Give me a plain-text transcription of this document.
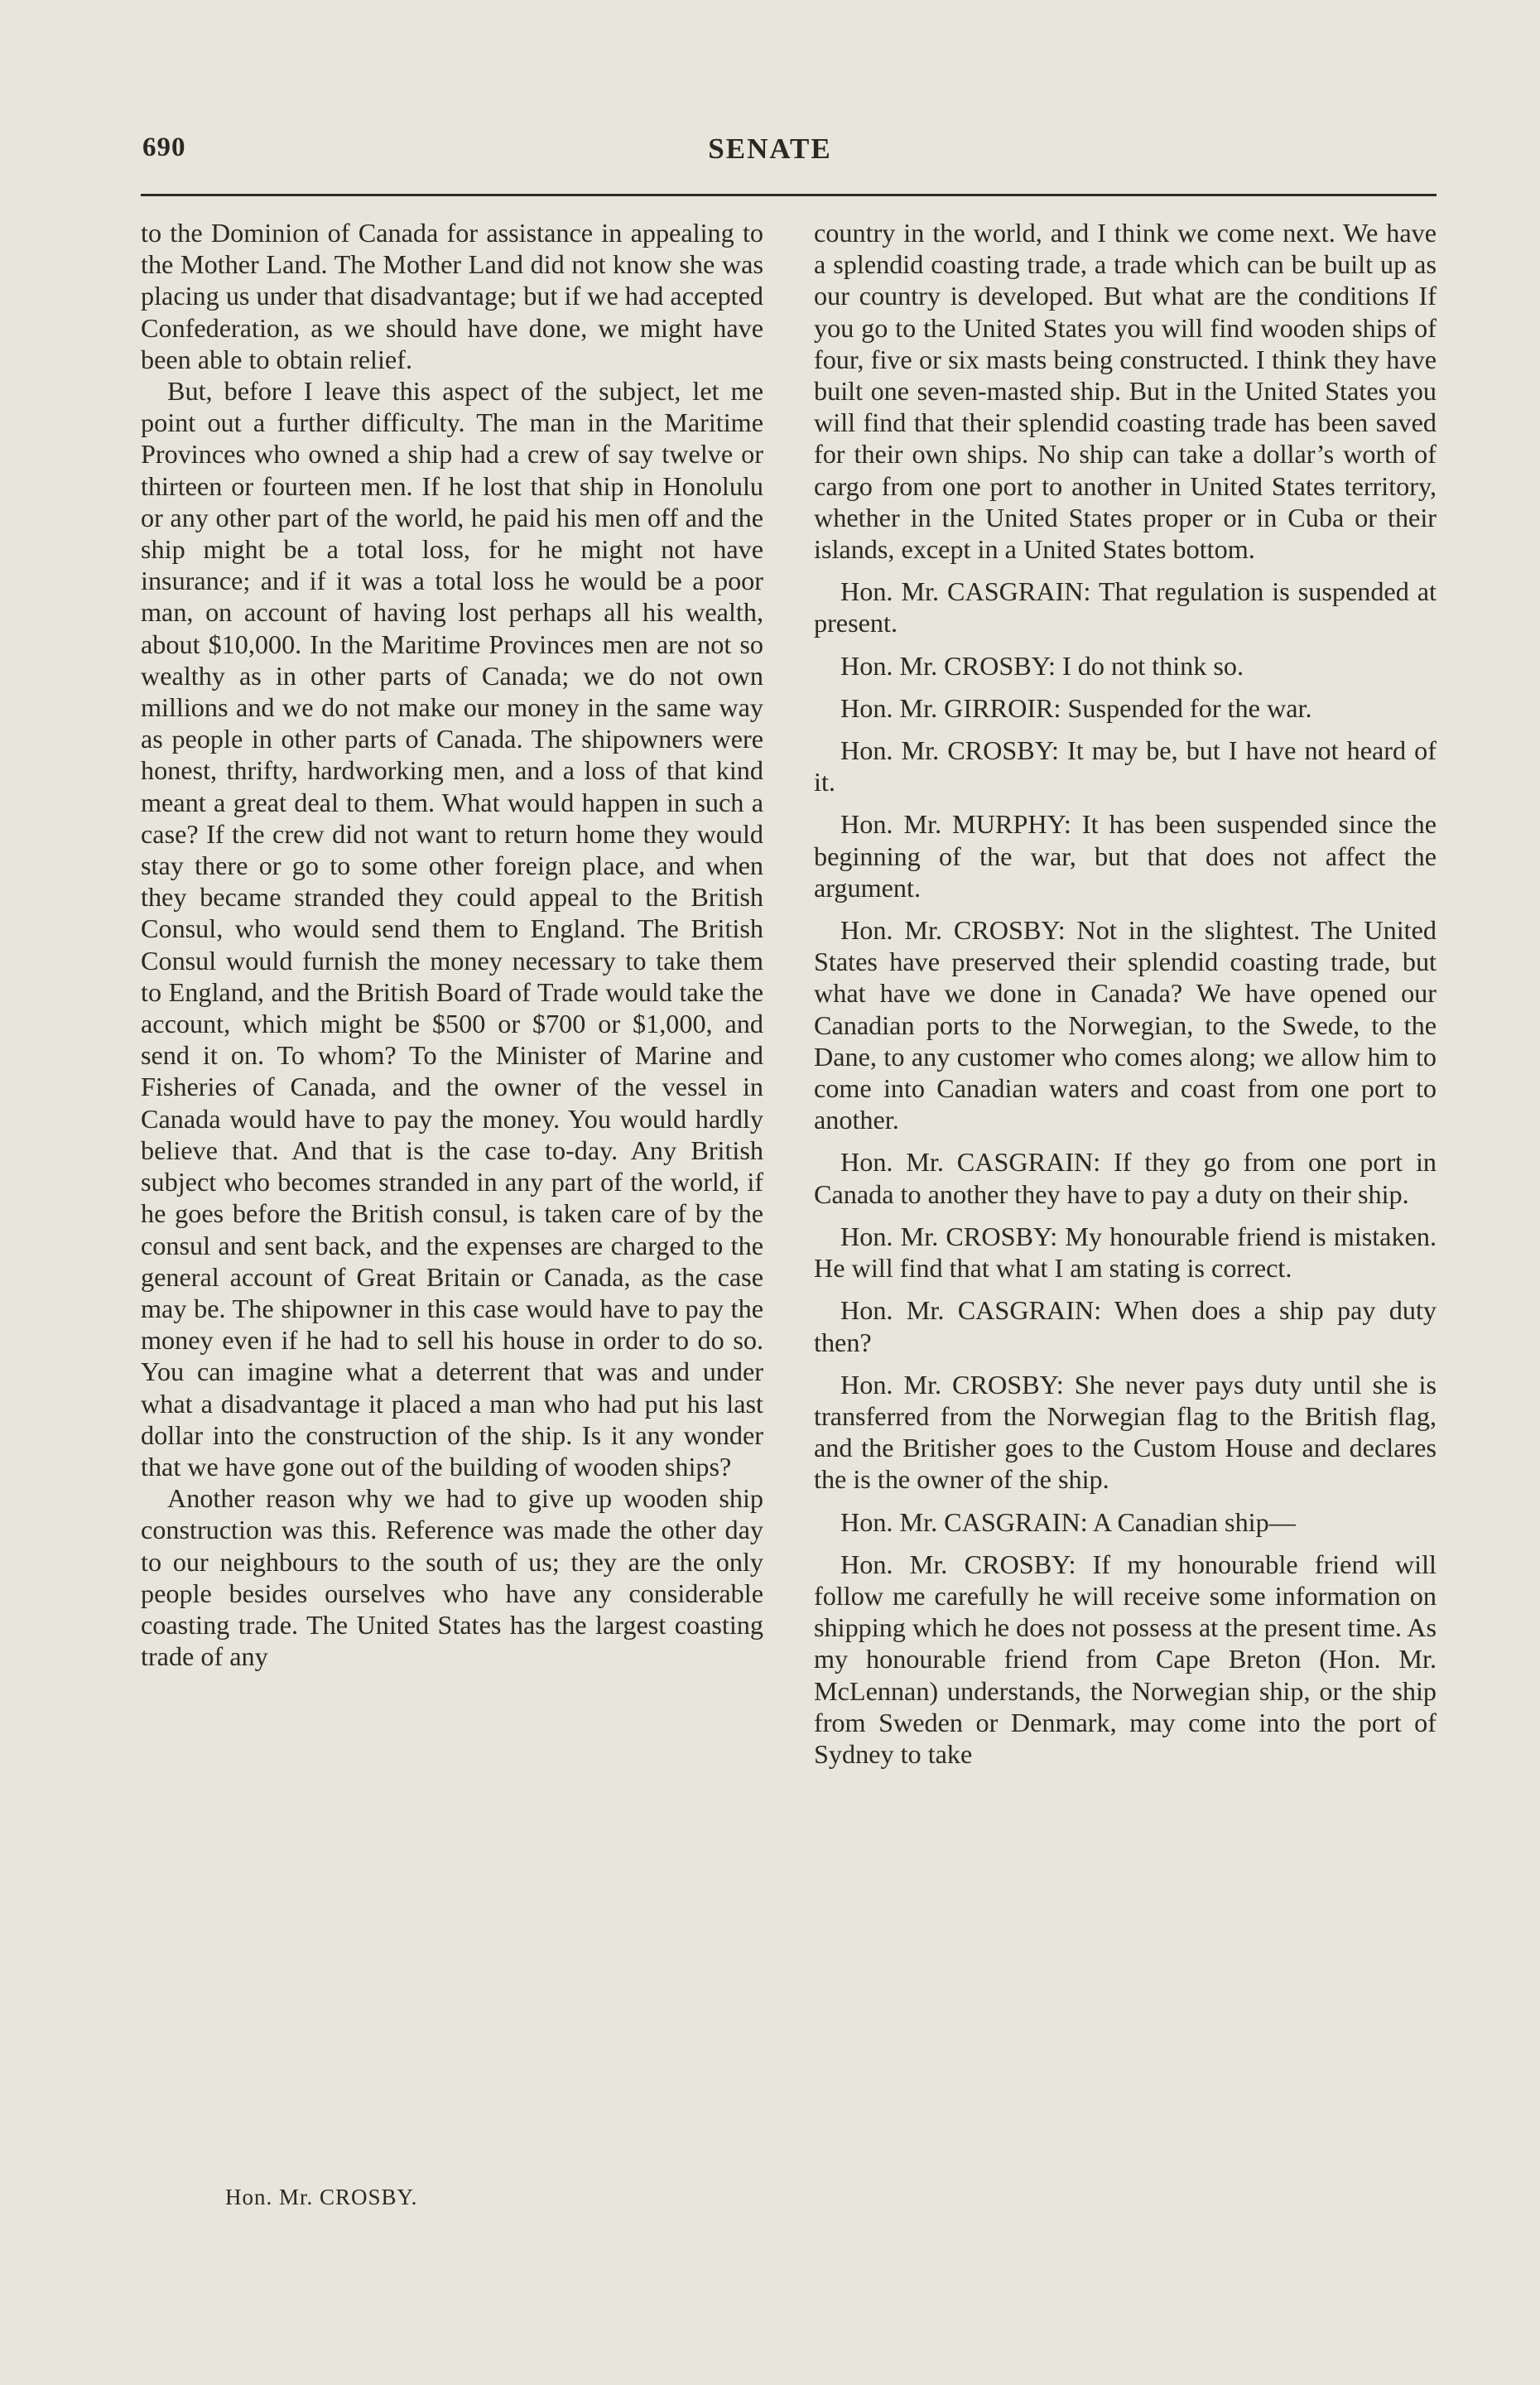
690	SENATE

to the Dominion of Canada for assistance in appealing to the Mother Land. The Mother Land did not know she was placing us under that disadvantage; but if we had accepted Confederation, as we should have done, we might have been able to obtain relief.

But, before I leave this aspect of the subject, let me point out a further difficulty. The man in the Maritime Provinces who owned a ship had a crew of say twelve or thirteen or fourteen men. If he lost that ship in Honolulu or any other part of the world, he paid his men off and the ship might be a total loss, for he might not have insurance; and if it was a total loss he would be a poor man, on account of having lost perhaps all his wealth, about $10,000. In the Maritime Provinces men are not so wealthy as in other parts of Canada; we do not own millions and we do not make our money in the same way as people in other parts of Canada. The shipowners were honest, thrifty, hardworking men, and a loss of that kind meant a great deal to them. What would happen in such a case? If the crew did not want to return home they would stay there or go to some other foreign place, and when they became stranded they could appeal to the British Consul, who would send them to England. The British Consul would furnish the money necessary to take them to England, and the British Board of Trade would take the account, which might be $500 or $700 or $1,000, and send it on. To whom? To the Minister of Marine and Fisheries of Canada, and the owner of the vessel in Canada would have to pay the money. You would hardly believe that. And that is the case to-day. Any British subject who becomes stranded in any part of the world, if he goes before the British consul, is taken care of by the consul and sent back, and the expenses are charged to the general account of Great Britain or Canada, as the case may be. The shipowner in this case would have to pay the money even if he had to sell his house in order to do so. You can imagine what a deterrent that was and under what a disadvantage it placed a man who had put his last dollar into the construction of the ship. Is it any wonder that we have gone out of the building of wooden ships?

Another reason why we had to give up wooden ship construction was this. Reference was made the other day to our neighbours to the south of us; they are the only people besides ourselves who have any considerable coasting trade. The United States has the largest coasting trade of any

country in the world, and I think we come next. We have a splendid coasting trade, a trade which can be built up as our country is developed. But what are the conditions If you go to the United States you will find wooden ships of four, five or six masts being constructed. I think they have built one seven-masted ship. But in the United States you will find that their splendid coasting trade has been saved for their own ships. No ship can take a dollar’s worth of cargo from one port to another in United States territory, whether in the United States proper or in Cuba or their islands, except in a United States bottom.

Hon. Mr. CASGRAIN: That regulation is suspended at present.

Hon. Mr. CROSBY: I do not think so.

Hon. Mr. GIRROIR: Suspended for the war.

Hon. Mr. CROSBY: It may be, but I have not heard of it.

Hon. Mr. MURPHY: It has been suspended since the beginning of the war, but that does not affect the argument.

Hon. Mr. CROSBY: Not in the slightest. The United States have preserved their splendid coasting trade, but what have we done in Canada? We have opened our Canadian ports to the Norwegian, to the Swede, to the Dane, to any customer who comes along; we allow him to come into Canadian waters and coast from one port to another.

Hon. Mr. CASGRAIN: If they go from one port in Canada to another they have to pay a duty on their ship.

Hon. Mr. CROSBY: My honourable friend is mistaken. He will find that what I am stating is correct.

Hon. Mr. CASGRAIN: When does a ship pay duty then?

Hon. Mr. CROSBY: She never pays duty until she is transferred from the Norwegian flag to the British flag, and the Britisher goes to the Custom House and declares the is the owner of the ship.

Hon. Mr. CASGRAIN: A Canadian ship—

Hon. Mr. CROSBY: If my honourable friend will follow me carefully he will receive some information on shipping which he does not possess at the present time. As my honourable friend from Cape Breton (Hon. Mr. McLennan) understands, the Norwegian ship, or the ship from Sweden or Denmark, may come into the port of Sydney to take

Hon. Mr. CROSBY.
